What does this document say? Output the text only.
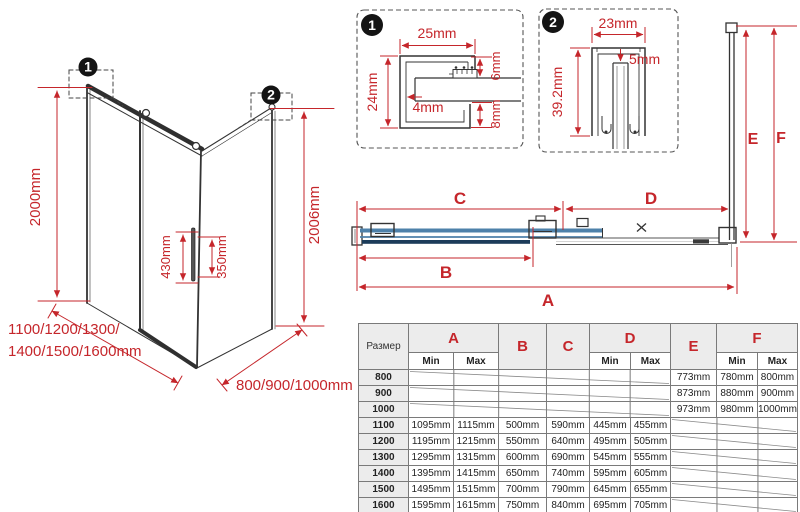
1
2
2000mm	2006mm
430mm	350mm
1100/1200/1300/
1400/1500/1600mm
800/900/1000mm
1	25mm
24mm
6mm
4mm	8mm
2	23mm
5mm
39.2mm
C	D
B
A
E F
Размер	A		B	C	D		E	F	
	Min	Max			Min	Max		Min	Max
800							773mm	780mm	800mm
900							873mm	880mm	900mm
1000							973mm	980mm	1000mm
1100	1095mm	1115mm	500mm	590mm	445mm	455mm	

1200	1195mm	1215mm	550mm	640mm	495mm	505mm	

1300	1295mm	1315mm	600mm	690mm	545mm	555mm	

1400	1395mm	1415mm	650mm	740mm	595mm	605mm	

1500	1495mm	1515mm	700mm	790mm	645mm	655mm	

1600	1595mm	1615mm	750mm	840mm	695mm	705mm	
